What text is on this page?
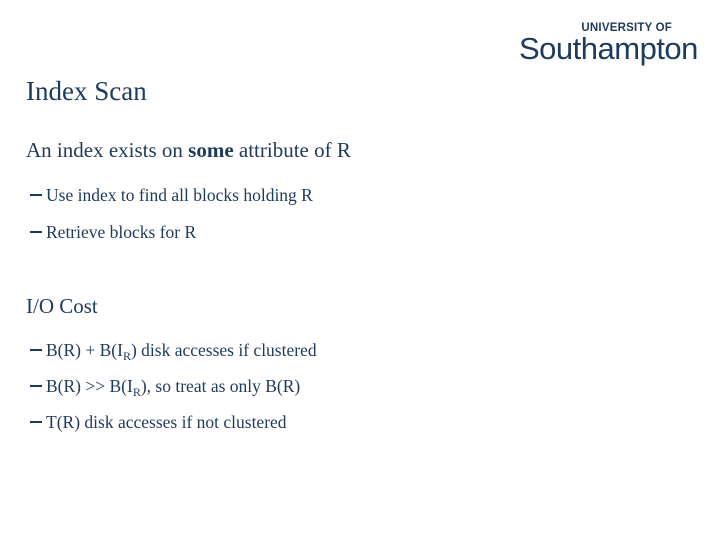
UNIVERSITY OF
Southampton
Index Scan
An index exists on some attribute of R
Use index to find all blocks holding R
Retrieve blocks for R
I/O Cost
$B(R) + B(I_R)$ disk accesses if clustered
$B(R) >> B(I_R)$, so treat as only B(R)
T(R) disk accesses if not clustered
